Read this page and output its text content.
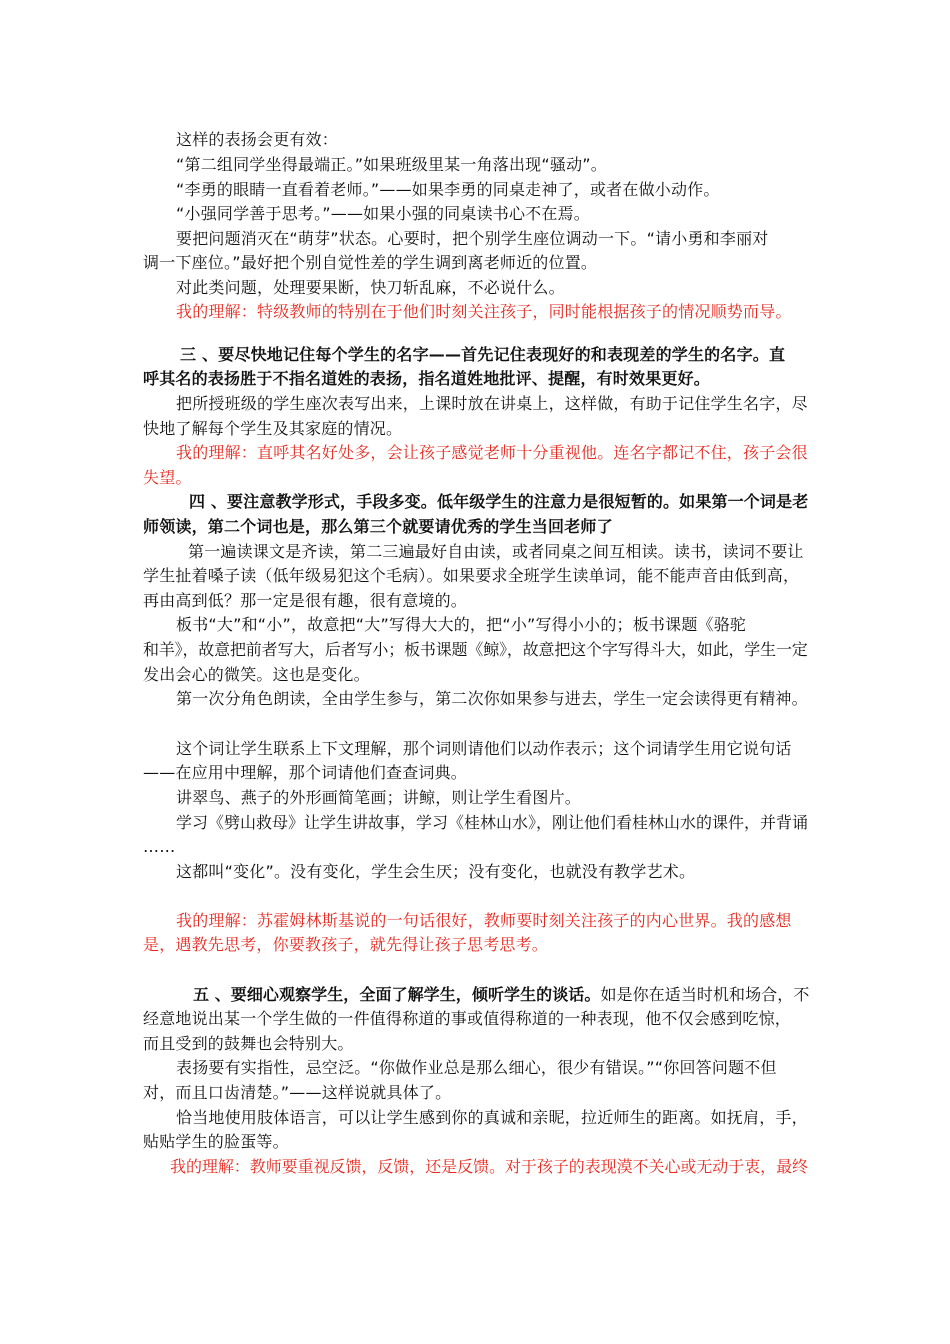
这样的表扬会更有效：
“第二组同学坐得最端正。”如果班级里某一角落出现“骚动”。
“李勇的眼睛一直看着老师。”——如果李勇的同桌走神了，或者在做小动作。
“小强同学善于思考。”——如果小强的同桌读书心不在焉。
要把问题消灭在“萌芽”状态。心要时，把个别学生座位调动一下。“请小勇和李丽对
调一下座位。”最好把个别自觉性差的学生调到离老师近的位置。
对此类问题，处理要果断，快刀斩乱麻，不必说什么。
我的理解：特级教师的特别在于他们时刻关注孩子，同时能根据孩子的情况顺势而导。
三 、要尽快地记住每个学生的名字——首先记住表现好的和表现差的学生的名字。直
呼其名的表扬胜于不指名道姓的表扬，指名道姓地批评、提醒，有时效果更好。
把所授班级的学生座次表写出来，上课时放在讲桌上，这样做，有助于记住学生名字，尽
快地了解每个学生及其家庭的情况。
我的理解：直呼其名好处多，会让孩子感觉老师十分重视他。连名字都记不住，孩子会很
失望。
四 、要注意教学形式，手段多变。低年级学生的注意力是很短暂的。如果第一个词是老
师领读，第二个词也是，那么第三个就要请优秀的学生当回老师了
第一遍读课文是齐读，第二三遍最好自由读，或者同桌之间互相读。读书，读词不要让
学生扯着嗓子读（低年级易犯这个毛病）。如果要求全班学生读单词，能不能声音由低到高，
再由高到低？那一定是很有趣，很有意境的。
板书“大”和“小”，故意把“大”写得大大的，把“小”写得小小的；板书课题《骆驼
和羊》，故意把前者写大，后者写小；板书课题《鲸》，故意把这个字写得斗大，如此，学生一定
发出会心的微笑。这也是变化。
第一次分角色朗读，全由学生参与，第二次你如果参与进去，学生一定会读得更有精神。
这个词让学生联系上下文理解，那个词则请他们以动作表示；这个词请学生用它说句话
——在应用中理解，那个词请他们查查词典。
讲翠鸟、燕子的外形画简笔画；讲鲸，则让学生看图片。
学习《劈山救母》让学生讲故事，学习《桂林山水》，刚让他们看桂林山水的课件，并背诵
……
这都叫“变化”。没有变化，学生会生厌；没有变化，也就没有教学艺术。
我的理解：苏霍姆林斯基说的一句话很好，教师要时刻关注孩子的内心世界。我的感想
是，遇教先思考，你要教孩子，就先得让孩子思考思考。
五 、要细心观察学生，全面了解学生，倾听学生的谈话。如是你在适当时机和场合，不
经意地说出某一个学生做的一件值得称道的事或值得称道的一种表现，他不仅会感到吃惊，
而且受到的鼓舞也会特别大。
表扬要有实指性，忌空泛。“你做作业总是那么细心，很少有错误。”“你回答问题不但
对，而且口齿清楚。”——这样说就具体了。
恰当地使用肢体语言，可以让学生感到你的真诚和亲昵，拉近师生的距离。如抚肩，手，
贴贴学生的脸蛋等。
我的理解：教师要重视反馈，反馈，还是反馈。对于孩子的表现漠不关心或无动于衷，最终
